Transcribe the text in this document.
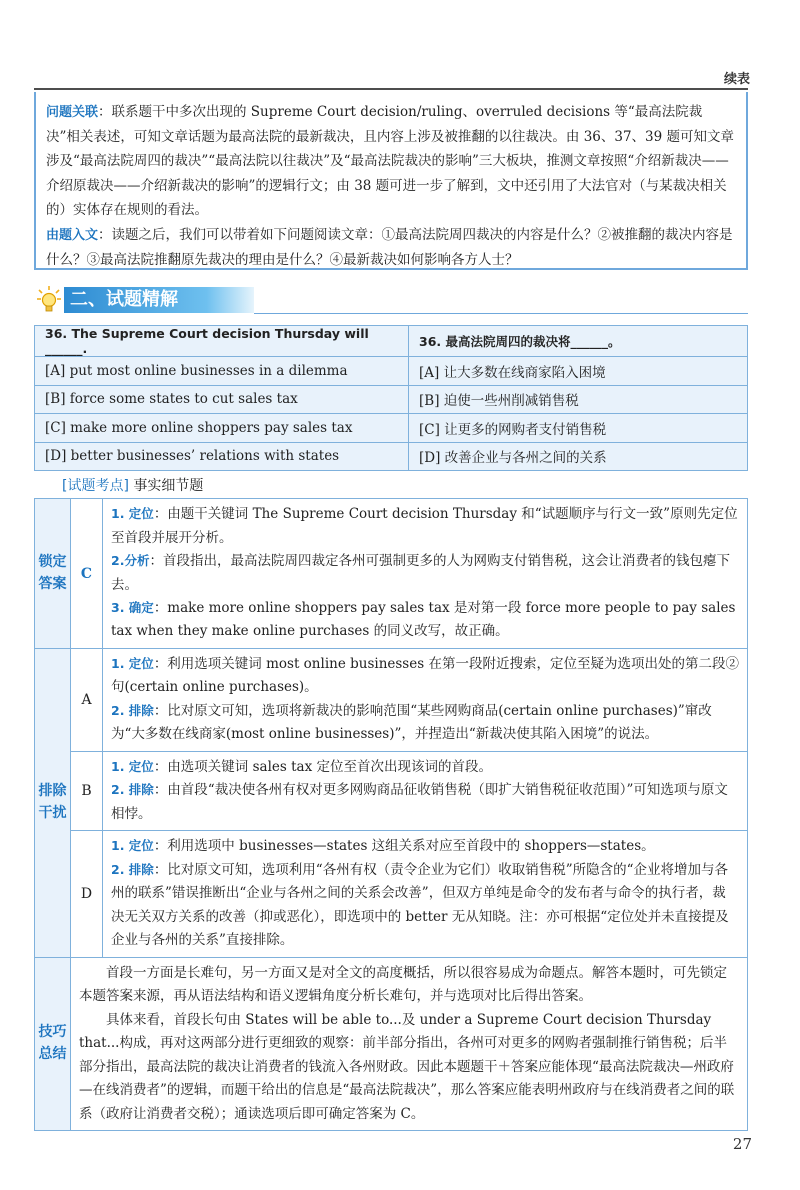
续表

问题关联：联系题干中多次出现的 Supreme Court decision/ruling、overruled decisions 等“最高法院裁决”相关表述，可知文章话题为最高法院的最新裁决，且内容上涉及被推翻的以往裁决。由 36、37、39 题可知文章涉及“最高法院周四的裁决”“最高法院以往裁决”及“最高法院裁决的影响”三大板块，推测文章按照“介绍新裁决——介绍原裁决——介绍新裁决的影响”的逻辑行文；由 38 题可进一步了解到，文中还引用了大法官对（与某裁决相关的）实体存在规则的看法。

由题入文：读题之后，我们可以带着如下问题阅读文章：①最高法院周四裁决的内容是什么？②被推翻的裁决内容是什么？③最高法院推翻原先裁决的理由是什么？④最新裁决如何影响各方人士？

二、试题精解
36. The Supreme Court decision Thursday will ______.	36. 最高法院周四的裁决将______。
[A] put most online businesses in a dilemma	[A] 让大多数在线商家陷入困境
[B] force some states to cut sales tax	[B] 迫使一些州削减销售税
[C] make more online shoppers pay sales tax	[C] 让更多的网购者支付销售税
[D] better businesses’ relations with states	[D] 改善企业与各州之间的关系
[试题考点] 事实细节题
锁定答案	C	1. 定位：由题干关键词 The Supreme Court decision Thursday 和“试题顺序与行文一致”原则先定位至首段并展开分析。

2.分析：首段指出，最高法院周四裁定各州可强制更多的人为网购支付销售税，这会让消费者的钱包瘪下去。

3. 确定：make more online shoppers pay sales tax 是对第一段 force more people to pay sales tax when they make online purchases 的同义改写，故正确。

排除干扰	A	1. 定位：利用选项关键词 most online businesses 在第一段附近搜索，定位至疑为选项出处的第二段②句(certain online purchases)。

2. 排除：比对原文可知，选项将新裁决的影响范围“某些网购商品(certain online purchases)”窜改为“大多数在线商家(most online businesses)”，并捏造出“新裁决使其陷入困境”的说法。

	B	1. 定位：由选项关键词 sales tax 定位至首次出现该词的首段。

2. 排除：由首段“裁决使各州有权对更多网购商品征收销售税（即扩大销售税征收范围）”可知选项与原文相悖。

	D	1. 定位：利用选项中 businesses—states 这组关系对应至首段中的 shoppers—states。

2. 排除：比对原文可知，选项利用“各州有权（责令企业为它们）收取销售税”所隐含的“企业将增加与各州的联系”错误推断出“企业与各州之间的关系会改善”，但双方单纯是命令的发布者与命令的执行者，裁决无关双方关系的改善（抑或恶化），即选项中的 better 无从知晓。注：亦可根据“定位处并未直接提及企业与各州的关系”直接排除。

技巧总结	首段一方面是长难句，另一方面又是对全文的高度概括，所以很容易成为命题点。解答本题时，可先锁定本题答案来源，再从语法结构和语义逻辑角度分析长难句，并与选项对比后得出答案。

具体来看，首段长句由 States will be able to...及 under a Supreme Court decision Thursday that...构成，再对这两部分进行更细致的观察：前半部分指出，各州可对更多的网购者强制推行销售税；后半部分指出，最高法院的裁决让消费者的钱流入各州财政。因此本题题干＋答案应能体现“最高法院裁决—州政府—在线消费者”的逻辑，而题干给出的信息是“最高法院裁决”，那么答案应能表明州政府与在线消费者之间的联系（政府让消费者交税）；通读选项后即可确定答案为 C。	

27
